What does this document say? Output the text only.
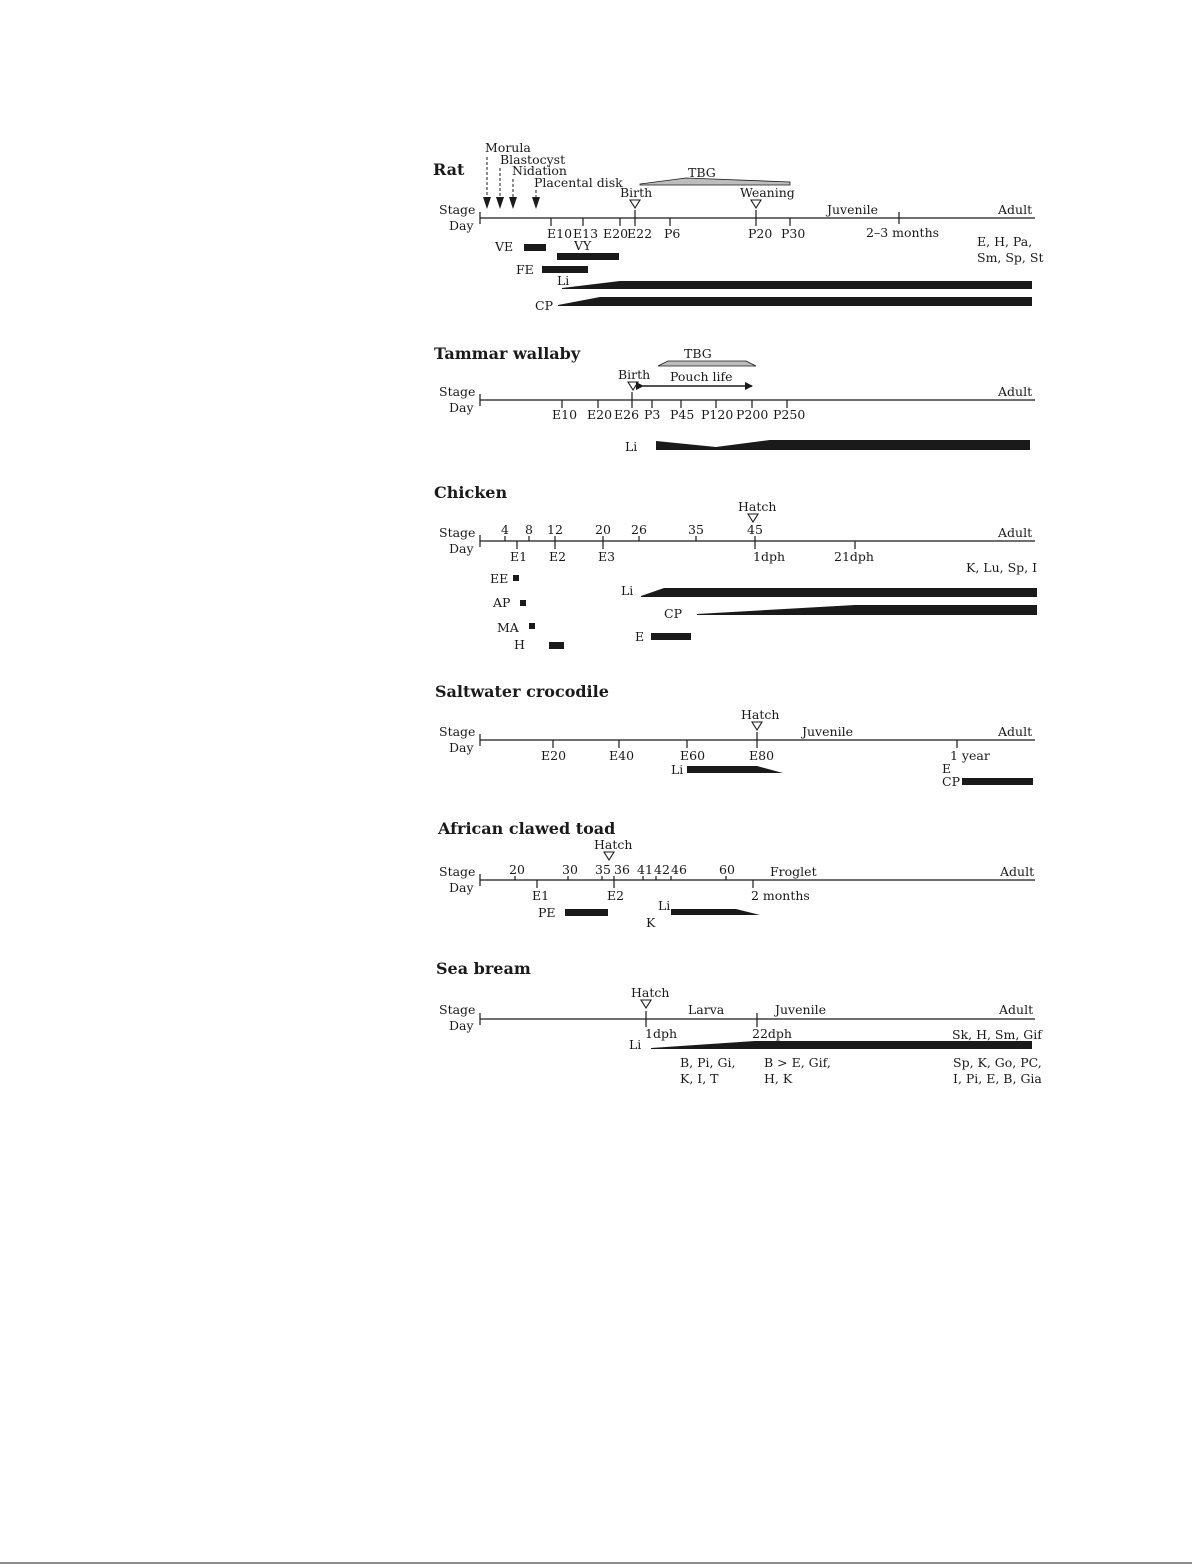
Rat
Stage
Day
Morula
Blastocyst
Nidation
Placental disk
TBG
Birth	Weaning
Juvenile	Adult
E10 E13 E20
E22 P6	P20 P30	2–3 months
VE	VY
FE
Li
CP
E, H, Pa,
Sm, Sp, St
Tammar wallaby
Stage
Day
TBG
Birth Pouch life
Adult
E10 E20 E26 P3 P45 P120 P200 P250
Li
Chicken
Stage
Day
Hatch
Adult
4 8 12	20 26	35	45
E1 E2	E3	1dph	21dph
K, Lu, Sp, I
EE
AP
MA
H
Li
CP
E
Saltwater crocodile
Stage
Day
Hatch
Juvenile	Adult
E20	E40	E60	E80	1 year
Li	E
CP
African clawed toad
Stage
Day
Hatch
Froglet	Adult
20	30 35 36 41 42 46	60
E1	E2	2 months
PE	Li
K
Sea bream
Stage
Day
Hatch
Larva	Juvenile	Adult
1dph	22dph
Li
B, Pi, Gi,
K, I, T
B > E, Gif,
H, K
Sk, H, Sm, Gif
Sp, K, Go, PC,
I, Pi, E, B, Gia
